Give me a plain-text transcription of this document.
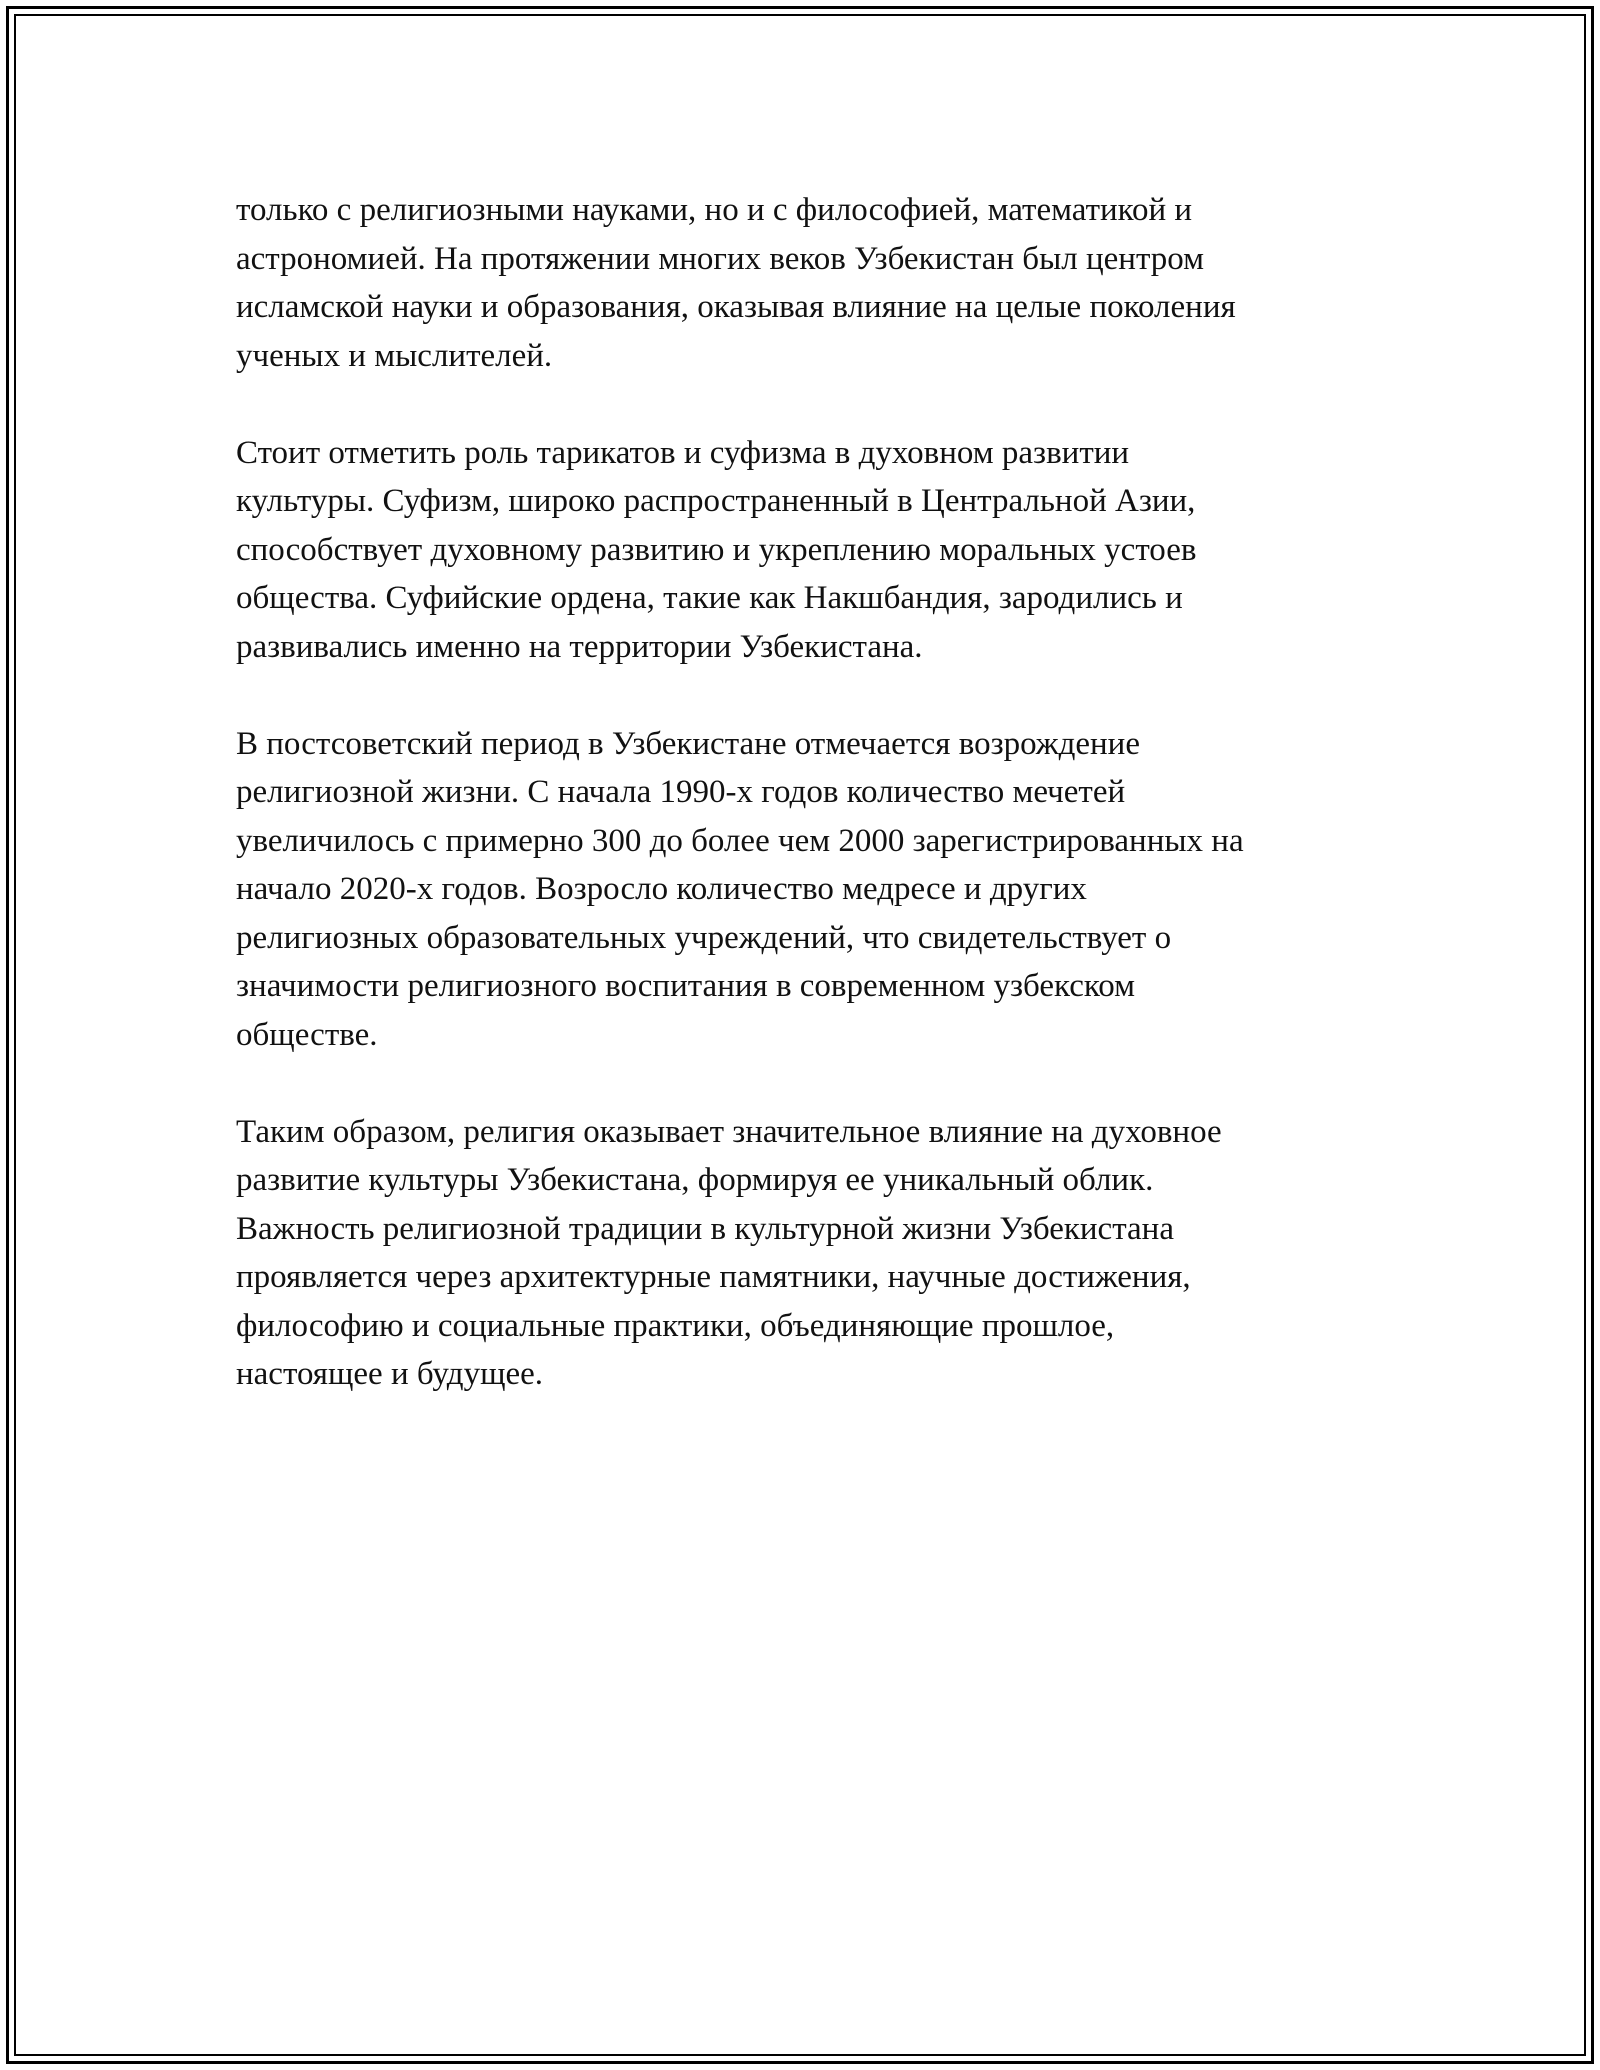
только с религиозными науками, но и с философией, математикой и
астрономией. На протяжении многих веков Узбекистан был центром
исламской науки и образования, оказывая влияние на целые поколения
ученых и мыслителей.

Стоит отметить роль тарикатов и суфизма в духовном развитии
культуры. Суфизм, широко распространенный в Центральной Азии,
способствует духовному развитию и укреплению моральных устоев
общества. Суфийские ордена, такие как Накшбандия, зародились и
развивались именно на территории Узбекистана.

В постсоветский период в Узбекистане отмечается возрождение
религиозной жизни. С начала 1990-х годов количество мечетей
увеличилось с примерно 300 до более чем 2000 зарегистрированных на
начало 2020-х годов. Возросло количество медресе и других
религиозных образовательных учреждений, что свидетельствует о
значимости религиозного воспитания в современном узбекском
обществе.

Таким образом, религия оказывает значительное влияние на духовное
развитие культуры Узбекистана, формируя ее уникальный облик.
Важность религиозной традиции в культурной жизни Узбекистана
проявляется через архитектурные памятники, научные достижения,
философию и социальные практики, объединяющие прошлое,
настоящее и будущее.
